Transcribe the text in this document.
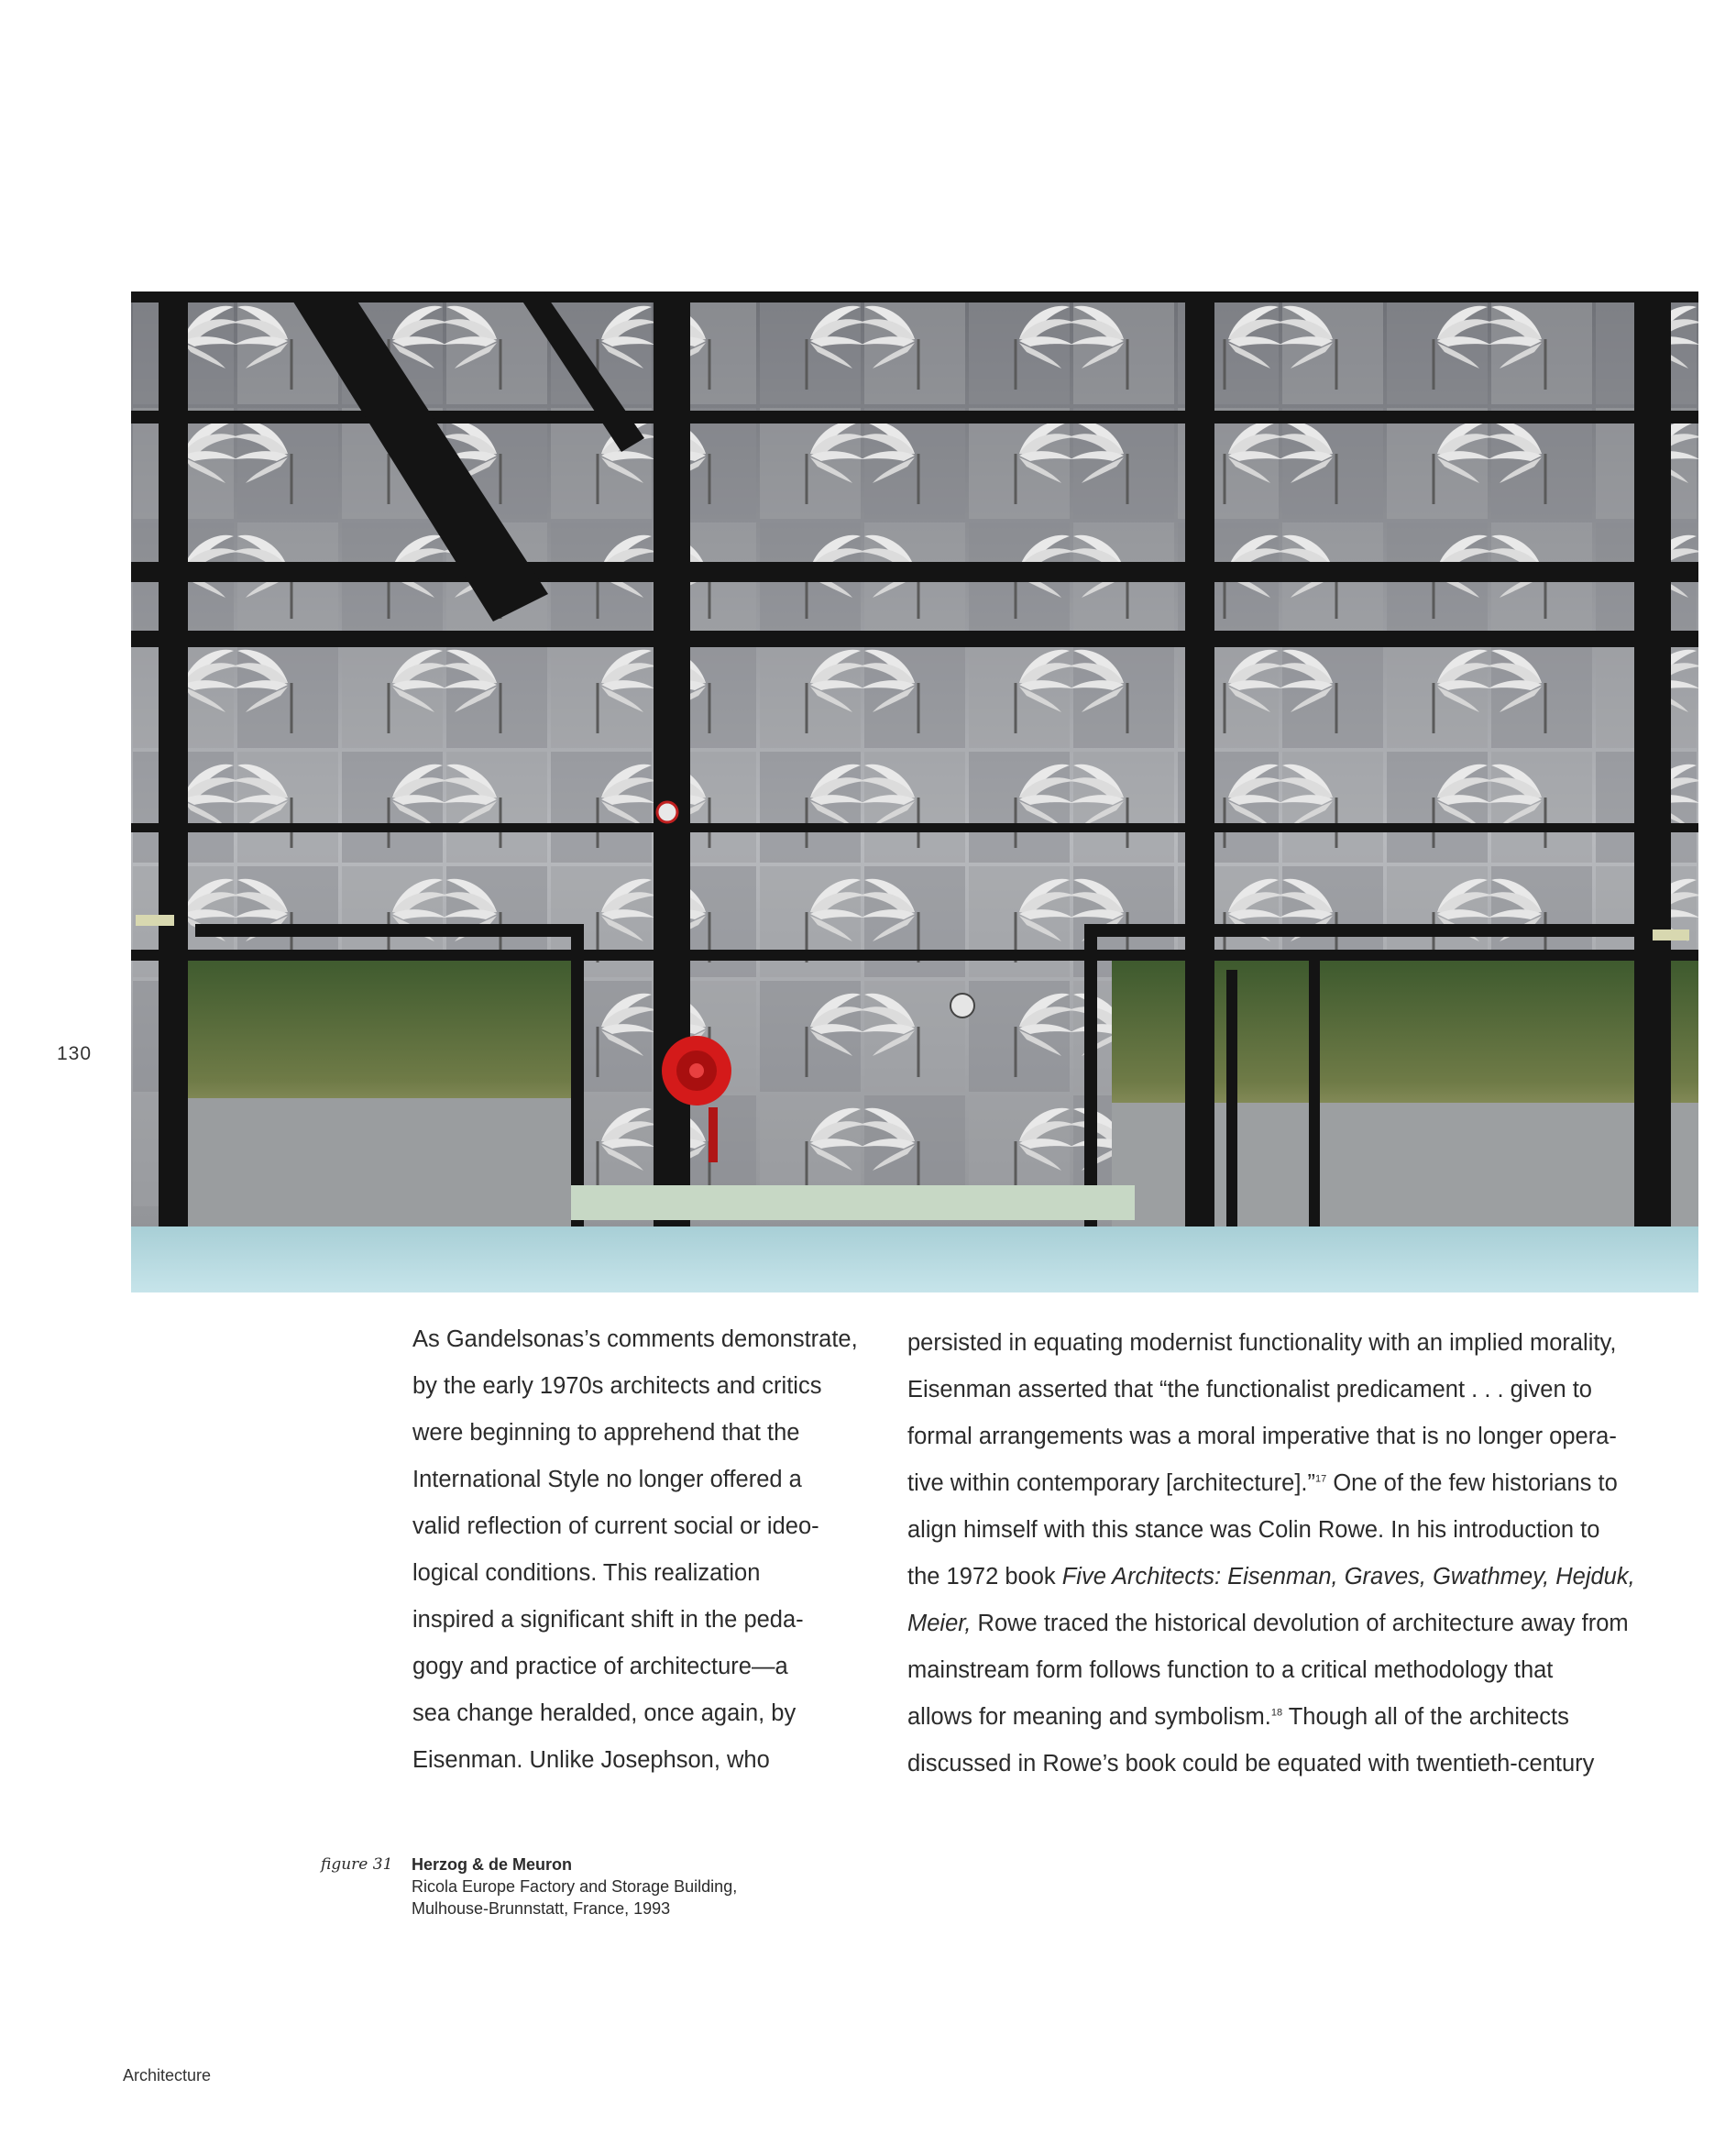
130
As Gandelsonas’s comments demonstrate,
by the early 1970s architects and critics
were beginning to apprehend that the
International Style no longer offered a
valid reflection of current social or ideo-
logical conditions. This realization
inspired a significant shift in the peda-
gogy and practice of architecture—a
sea change heralded, once again, by
Eisenman. Unlike Josephson, who
persisted in equating modernist functionality with an implied morality,
Eisenman asserted that “the functionalist predicament . . . given to
formal arrangements was a moral imperative that is no longer opera-
tive within contemporary [architecture].”$^{17}$ One of the few historians to
align himself with this stance was Colin Rowe. In his introduction to
the 1972 book Five Architects: Eisenman, Graves, Gwathmey, Hejduk,
Meier, Rowe traced the historical devolution of architecture away from
mainstream form follows function to a critical methodology that
allows for meaning and symbolism.$^{18}$ Though all of the architects
discussed in Rowe’s book could be equated with twentieth-century
figure 31	Herzog & de Meuron
Ricola Europe Factory and Storage Building,
Mulhouse-Brunnstatt, France, 1993
Architecture
